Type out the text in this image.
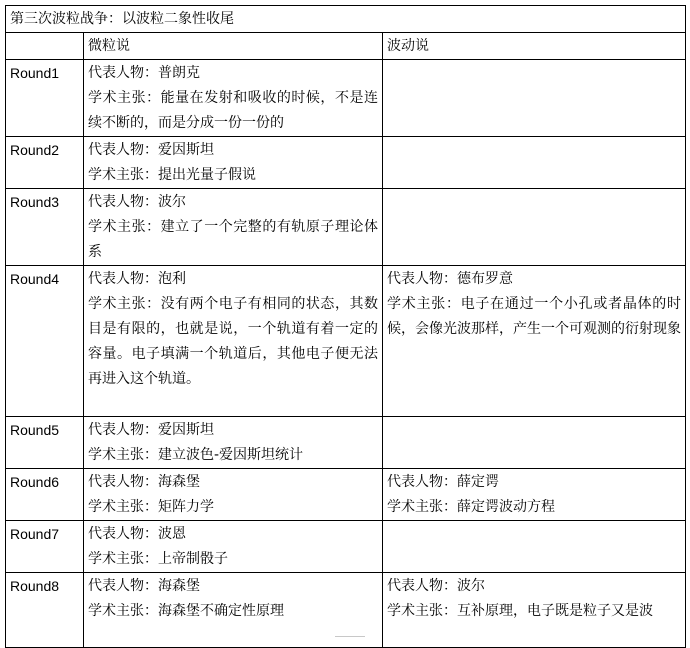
第三次波粒战争：以波粒二象性收尾		
	微粒说	波动说
Round1	代表人物：普朗克
学术主张：能量在发射和吸收的时候，不是连续不断的，而是分成一份一份的	

Round2	代表人物：爱因斯坦
学术主张：提出光量子假说	

Round3	代表人物：波尔
学术主张：建立了一个完整的有轨原子理论体系	

Round4	代表人物：泡利
学术主张：没有两个电子有相同的状态，其数目是有限的，也就是说，一个轨道有着一定的容量。电子填满一个轨道后，其他电子便无法再进入这个轨道。	代表人物：德布罗意
学术主张：电子在通过一个小孔或者晶体的时候，会像光波那样，产生一个可观测的衍射现象

Round5	代表人物：爱因斯坦
学术主张：建立波色-爱因斯坦统计	

Round6	代表人物：海森堡
学术主张：矩阵力学	代表人物：薛定谔
学术主张：薛定谔波动方程

Round7	代表人物：波恩
学术主张：上帝制骰子	

Round8	代表人物：海森堡
学术主张：海森堡不确定性原理	代表人物：波尔
学术主张：互补原理，电子既是粒子又是波
